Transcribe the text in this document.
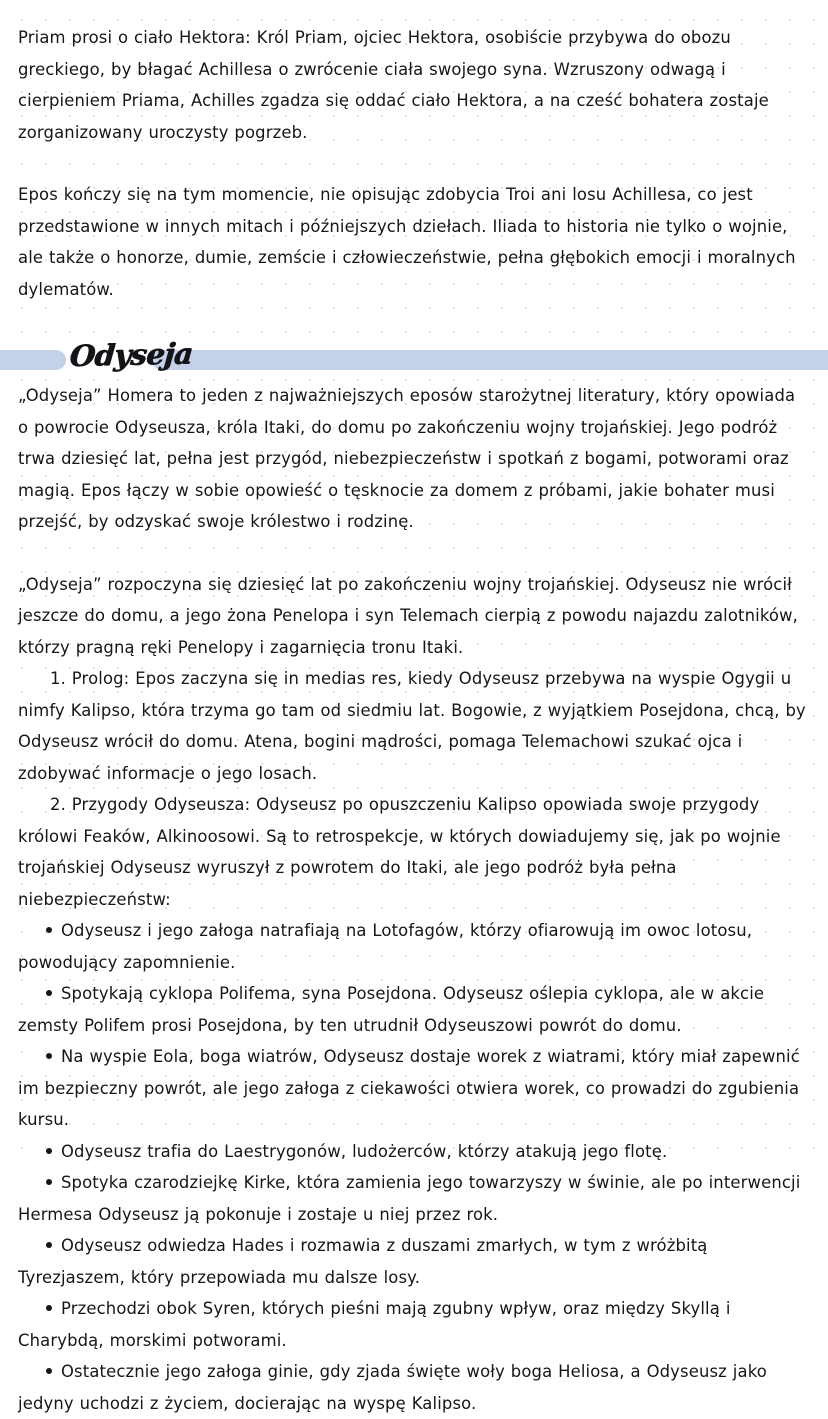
Priam prosi o ciało Hektora: Król Priam, ojciec Hektora, osobiście przybywa do obozu greckiego, by błagać Achillesa o zwrócenie ciała swojego syna. Wzruszony odwagą i cierpieniem Priama, Achilles zgadza się oddać ciało Hektora, a na cześć bohatera zostaje zorganizowany uroczysty pogrzeb.

Epos kończy się na tym momencie, nie opisując zdobycia Troi ani losu Achillesa, co jest przedstawione w innych mitach i późniejszych dziełach. Iliada to historia nie tylko o wojnie, ale także o honorze, dumie, zemście i człowieczeństwie, pełna głębokich emocji i moralnych dylematów.

Odyseja

„Odyseja” Homera to jeden z najważniejszych eposów starożytnej literatury, który opowiada o powrocie Odyseusza, króla Itaki, do domu po zakończeniu wojny trojańskiej. Jego podróż trwa dziesięć lat, pełna jest przygód, niebezpieczeństw i spotkań z bogami, potworami oraz magią. Epos łączy w sobie opowieść o tęsknocie za domem z próbami, jakie bohater musi przejść, by odzyskać swoje królestwo i rodzinę.

„Odyseja” rozpoczyna się dziesięć lat po zakończeniu wojny trojańskiej. Odyseusz nie wrócił jeszcze do domu, a jego żona Penelopa i syn Telemach cierpią z powodu najazdu zalotników, którzy pragną ręki Penelopy i zagarnięcia tronu Itaki.

1. Prolog: Epos zaczyna się in medias res, kiedy Odyseusz przebywa na wyspie Ogygii u nimfy Kalipso, która trzyma go tam od siedmiu lat. Bogowie, z wyjątkiem Posejdona, chcą, by Odyseusz wrócił do domu. Atena, bogini mądrości, pomaga Telemachowi szukać ojca i zdobywać informacje o jego losach.

2. Przygody Odyseusza: Odyseusz po opuszczeniu Kalipso opowiada swoje przygody królowi Feaków, Alkinoosowi. Są to retrospekcje, w których dowiadujemy się, jak po wojnie trojańskiej Odyseusz wyruszył z powrotem do Itaki, ale jego podróż była pełna niebezpieczeństw:

Odyseusz i jego załoga natrafiają na Lotofagów, którzy ofiarowują im owoc lotosu, powodujący zapomnienie.

Spotykają cyklopa Polifema, syna Posejdona. Odyseusz oślepia cyklopa, ale w akcie zemsty Polifem prosi Posejdona, by ten utrudnił Odyseuszowi powrót do domu.

Na wyspie Eola, boga wiatrów, Odyseusz dostaje worek z wiatrami, który miał zapewnić im bezpieczny powrót, ale jego załoga z ciekawości otwiera worek, co prowadzi do zgubienia kursu.

Odyseusz trafia do Laestrygonów, ludożerców, którzy atakują jego flotę.

Spotyka czarodziejkę Kirke, która zamienia jego towarzyszy w świnie, ale po interwencji Hermesa Odyseusz ją pokonuje i zostaje u niej przez rok.

Odyseusz odwiedza Hades i rozmawia z duszami zmarłych, w tym z wróżbitą Tyrezjaszem, który przepowiada mu dalsze losy.

Przechodzi obok Syren, których pieśni mają zgubny wpływ, oraz między Skyllą i Charybdą, morskimi potworami.

Ostatecznie jego załoga ginie, gdy zjada święte woły boga Heliosa, a Odyseusz jako jedyny uchodzi z życiem, docierając na wyspę Kalipso.
